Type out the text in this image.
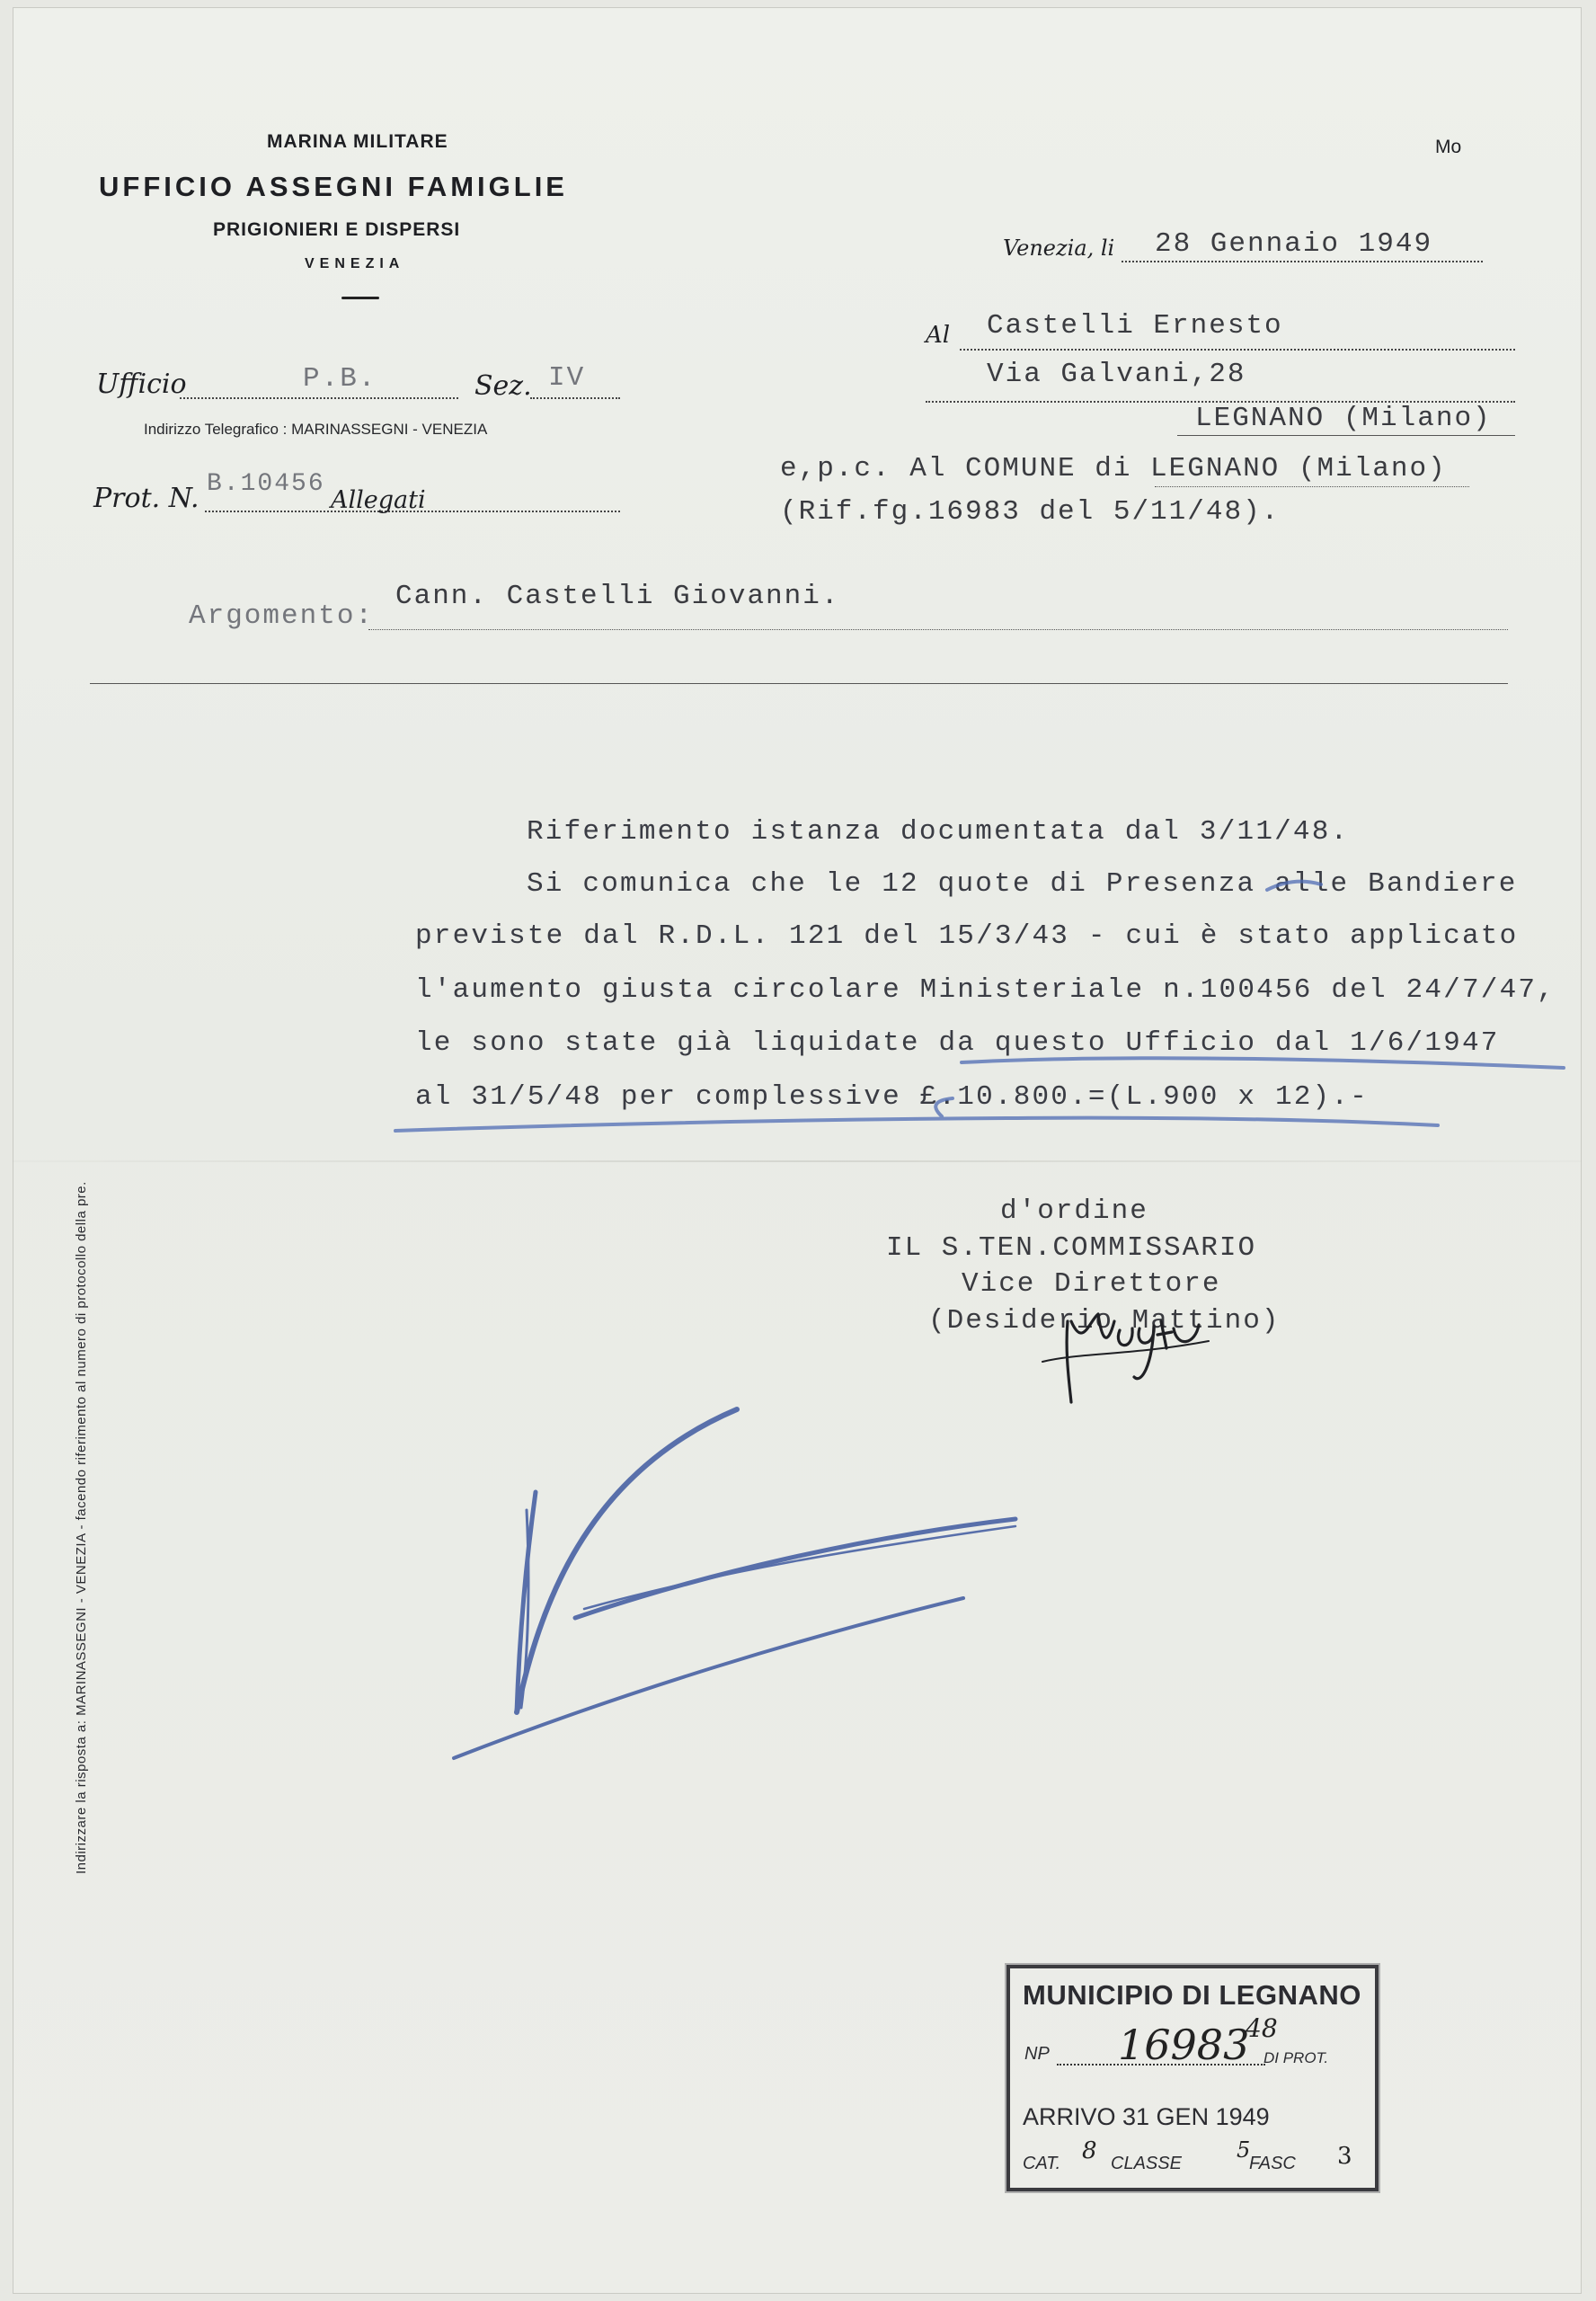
MARINA MILITARE
UFFICIO ASSEGNI FAMIGLIE
PRIGIONIERI E DISPERSI
VENEZIA
Mo
Venezia, li 28 Gennaio 1949
Al Castelli Ernesto
Via Galvani,28
LEGNANO (Milano)
e,p.c. Al COMUNE di LEGNANO (Milano)
(Rif.fg.16983 del 5/11/48).
Ufficio	P.B.	Sez. IV
Indirizzo Telegrafico : MARINASSEGNI - VENEZIA
Prot. N. B.10456
Allegati
Argomento:
Cann. Castelli Giovanni.
Riferimento istanza documentata dal 3/11/48.
Si comunica che le 12 quote di Presenza alle Bandiere
previste dal R.D.L. 121 del 15/3/43 - cui è stato applicato
l'aumento giusta circolare Ministeriale n.100456 del 24/7/47,
le sono state già liquidate da questo Ufficio dal 1/6/1947
al 31/5/48 per complessive £.10.800.=(L.900 x 12).-
d'ordine
IL S.TEN.COMMISSARIO
Vice Direttore
(Desiderio Mattino)
MUNICIPIO DI LEGNANO
NP 16983
48
DI PROT.
ARRIVO 31 GEN 1949
CAT. 8 CLASSE
5
FASC 3
Indirizzare la risposta a: MARINASSEGNI - VENEZIA - facendo riferimento al numero di protocollo della pre.
